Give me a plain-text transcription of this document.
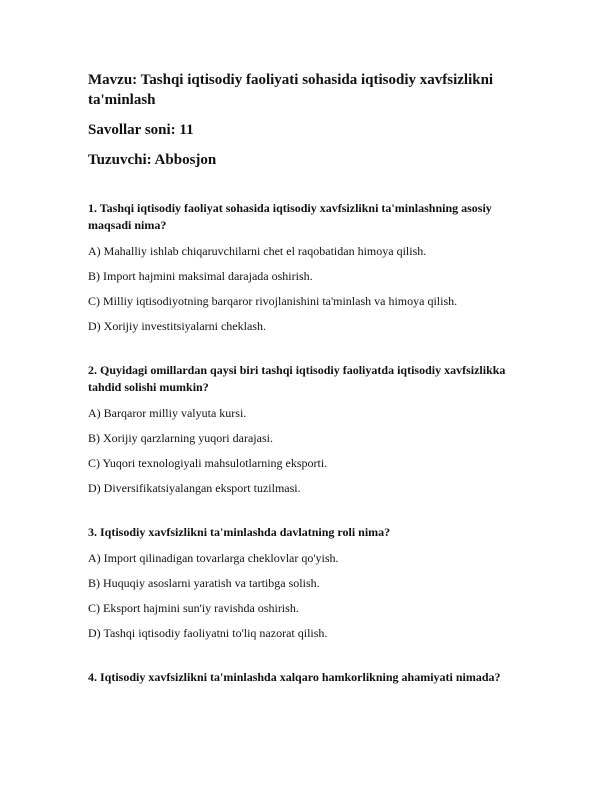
Mavzu: Tashqi iqtisodiy faoliyati sohasida iqtisodiy xavfsizlikni ta'minlash
Savollar soni: 11
Tuzuvchi: Abbosjon
1. Tashqi iqtisodiy faoliyat sohasida iqtisodiy xavfsizlikni ta'minlashning asosiy maqsadi nima?
A) Mahalliy ishlab chiqaruvchilarni chet el raqobatidan himoya qilish.
B) Import hajmini maksimal darajada oshirish.
C) Milliy iqtisodiyotning barqaror rivojlanishini ta'minlash va himoya qilish.
D) Xorijiy investitsiyalarni cheklash.
2. Quyidagi omillardan qaysi biri tashqi iqtisodiy faoliyatda iqtisodiy xavfsizlikka tahdid solishi mumkin?
A) Barqaror milliy valyuta kursi.
B) Xorijiy qarzlarning yuqori darajasi.
C) Yuqori texnologiyali mahsulotlarning eksporti.
D) Diversifikatsiyalangan eksport tuzilmasi.
3. Iqtisodiy xavfsizlikni ta'minlashda davlatning roli nima?
A) Import qilinadigan tovarlarga cheklovlar qo'yish.
B) Huquqiy asoslarni yaratish va tartibga solish.
C) Eksport hajmini sun'iy ravishda oshirish.
D) Tashqi iqtisodiy faoliyatni to'liq nazorat qilish.
4. Iqtisodiy xavfsizlikni ta'minlashda xalqaro hamkorlikning ahamiyati nimada?
